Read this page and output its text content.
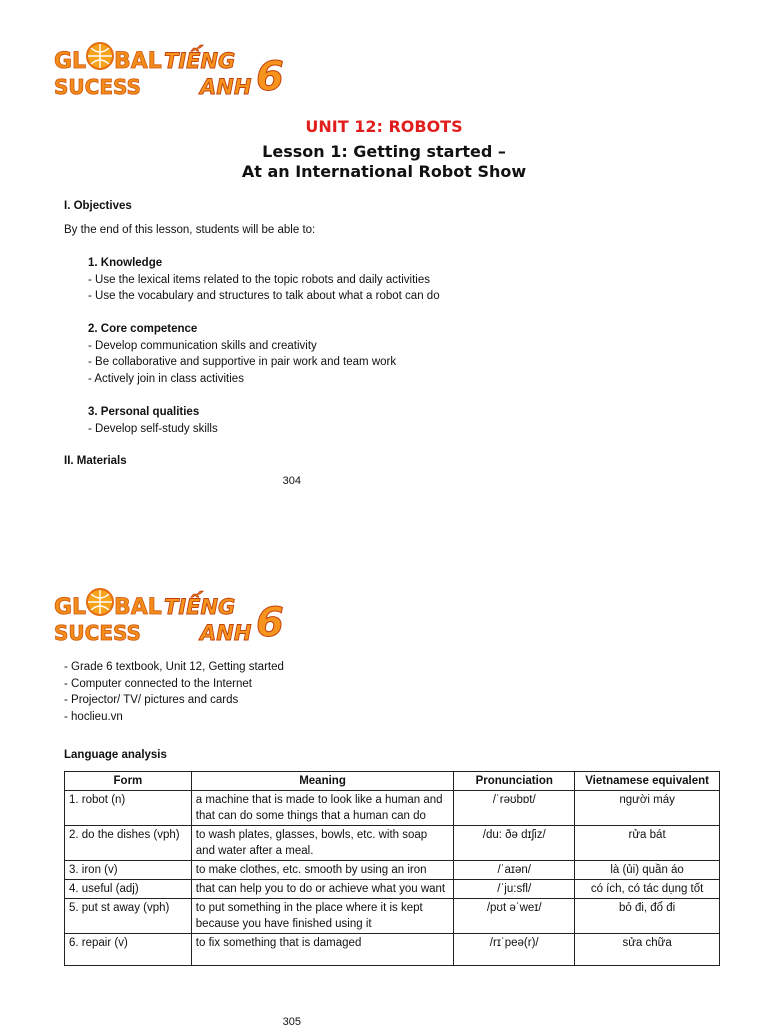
GL BAL
SUCESS
TIẾNG
ANH 6
UNIT 12: ROBOTS
Lesson 1: Getting started –
At an International Robot Show
I. Objectives
By the end of this lesson, students will be able to:
1. Knowledge
- Use the lexical items related to the topic robots and daily activities
- Use the vocabulary and structures to talk about what a robot can do
2. Core competence
- Develop communication skills and creativity
- Be collaborative and supportive in pair work and team work
- Actively join in class activities
3. Personal qualities
- Develop self-study skills
II. Materials
304
GL BAL
SUCESS
TIẾNG
ANH 6
- Grade 6 textbook, Unit 12, Getting started
- Computer connected to the Internet
- Projector/ TV/ pictures and cards
- hoclieu.vn
Language analysis
Form	Meaning	Pronunciation	Vietnamese equivalent
1. robot (n)	a machine that is made to look like a human and that can do some things that a human can do	/ˈrəʊbɒt/	người máy
2. do the dishes (vph)	to wash plates, glasses, bowls, etc. with soap and water after a meal.	/du: ðə dɪʃiz/	rửa bát
3. iron (v)	to make clothes, etc. smooth by using an iron	/ˈaɪən/	là (ủi) quần áo
4. useful (adj)	that can help you to do or achieve what you want	/ˈju:sfl/	có ích, có tác dụng tốt
5. put st away (vph)	to put something in the place where it is kept because you have finished using it	/pʊt əˈweɪ/	bỏ đi, đổ đi
6. repair (v)	to fix something that is damaged	/rɪˈpeə(r)/	sửa chữa
305
